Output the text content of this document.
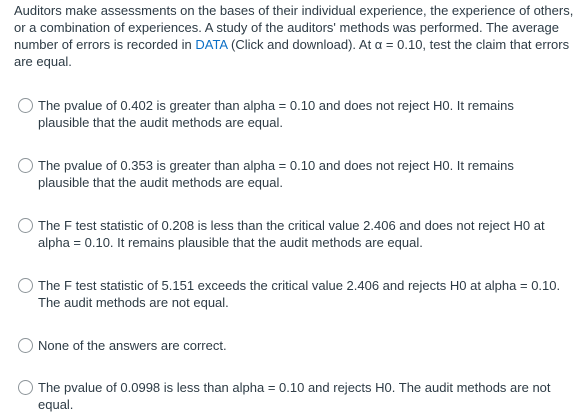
Auditors make assessments on the bases of their individual experience, the experience of others, or a combination of experiences. A study of the auditors' methods was performed. The average number of errors is recorded in DATA (Click and download). At α = 0.10, test the claim that errors are equal.
The pvalue of 0.402 is greater than alpha = 0.10 and does not reject H0. It remains plausible that the audit methods are equal.
The pvalue of 0.353 is greater than alpha = 0.10 and does not reject H0. It remains plausible that the audit methods are equal.
The F test statistic of 0.208 is less than the critical value 2.406 and does not reject H0 at alpha = 0.10. It remains plausible that the audit methods are equal.
The F test statistic of 5.151 exceeds the critical value 2.406 and rejects H0 at alpha = 0.10. The audit methods are not equal.
None of the answers are correct.
The pvalue of 0.0998 is less than alpha = 0.10 and rejects H0. The audit methods are not equal.
